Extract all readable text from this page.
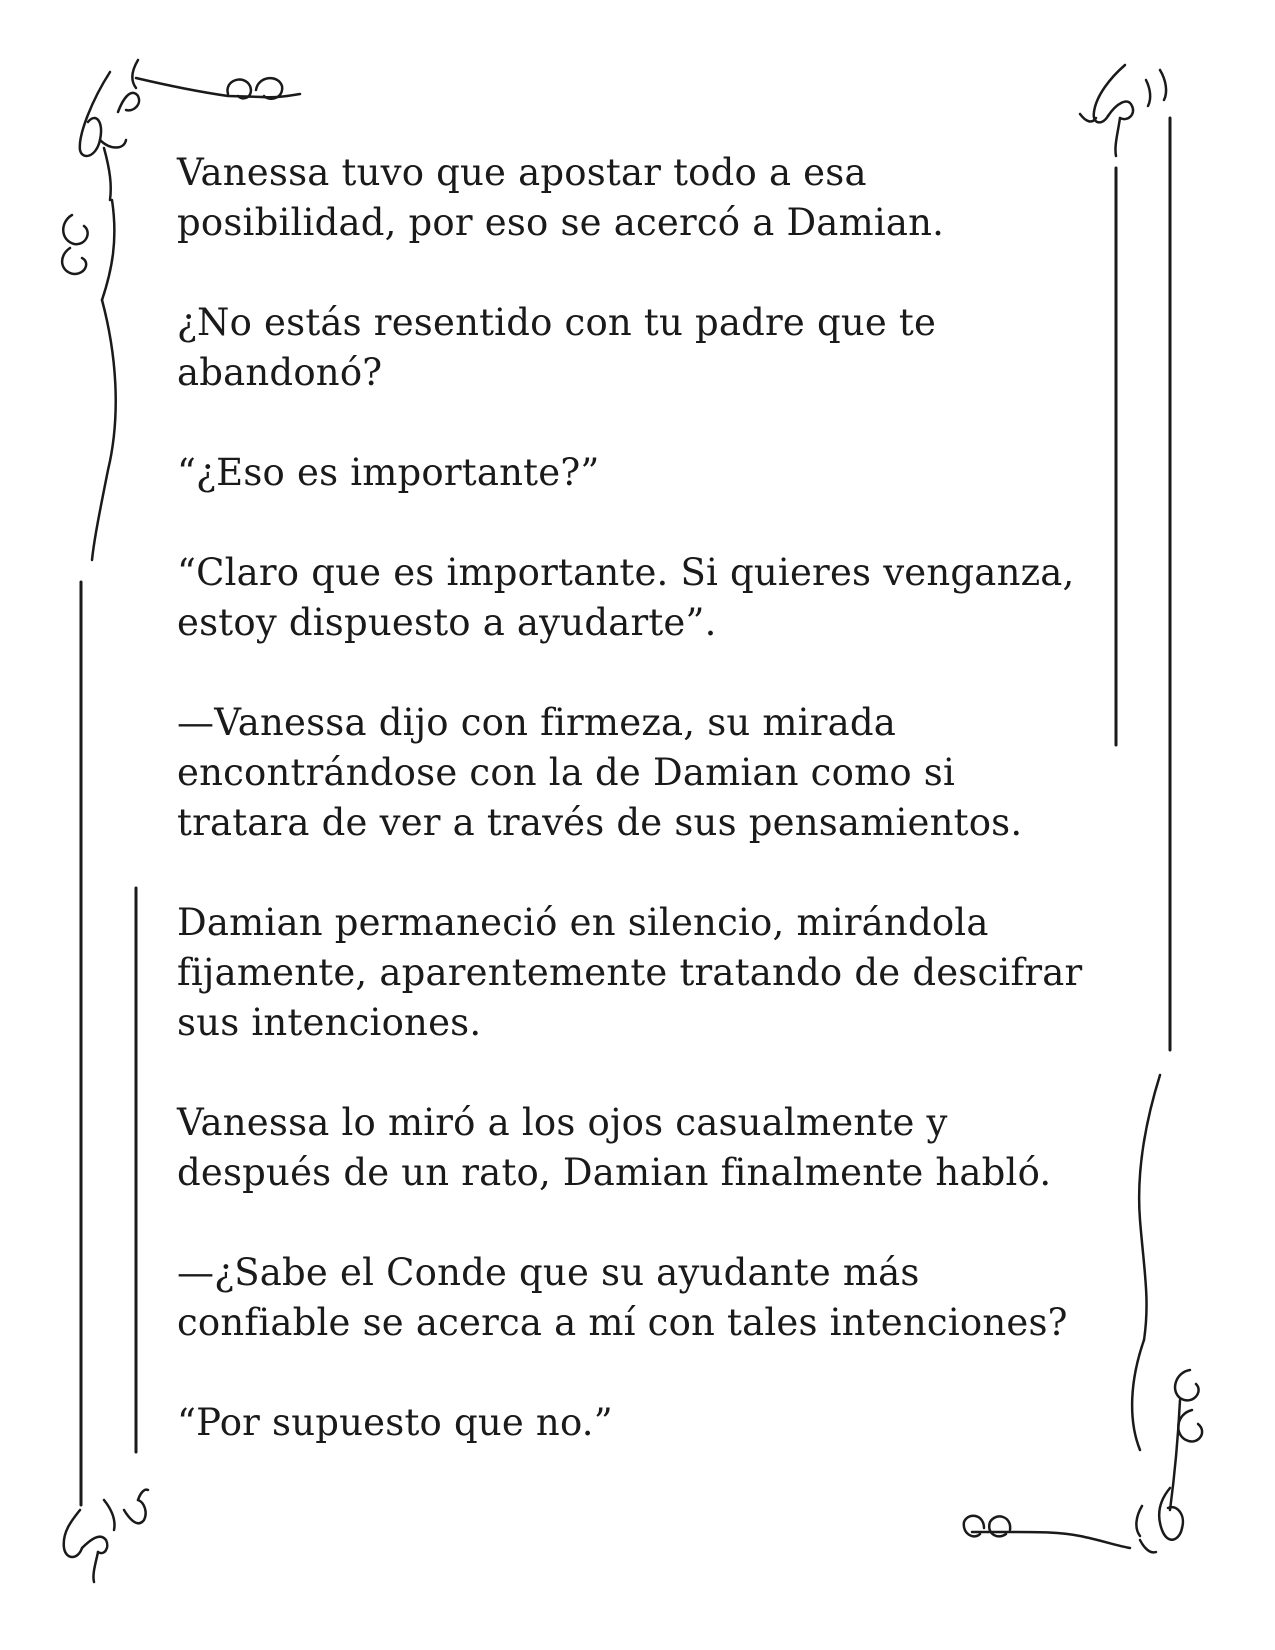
Vanessa tuvo que apostar todo a esa
posibilidad, por eso se acercó a Damian.

¿No estás resentido con tu padre que te
abandonó?

“¿Eso es importante?”

“Claro que es importante. Si quieres venganza,
estoy dispuesto a ayudarte”.

—Vanessa dijo con firmeza, su mirada
encontrándose con la de Damian como si
tratara de ver a través de sus pensamientos.

Damian permaneció en silencio, mirándola
fijamente, aparentemente tratando de descifrar
sus intenciones.

Vanessa lo miró a los ojos casualmente y
después de un rato, Damian finalmente habló.

—¿Sabe el Conde que su ayudante más
confiable se acerca a mí con tales intenciones?

“Por supuesto que no.”
